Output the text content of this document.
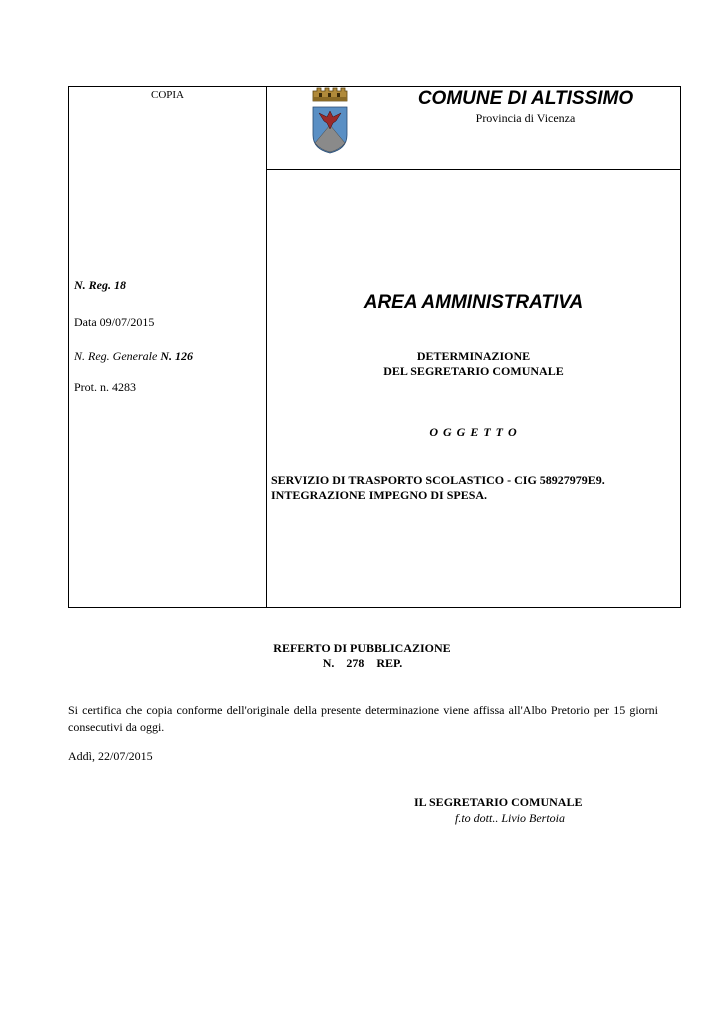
COPIA	COMUNE DI ALTISSIMO
Provincia di Vicenza
N. Reg. 18
Data 09/07/2015
N. Reg. Generale N. 126
Prot. n. 4283
AREA AMMINISTRATIVA
DETERMINAZIONE
DEL SEGRETARIO COMUNALE
O G G E T T O
SERVIZIO DI TRASPORTO SCOLASTICO - CIG 58927979E9.
INTEGRAZIONE IMPEGNO DI SPESA.
REFERTO DI PUBBLICAZIONE
N.    278    REP.
Si certifica che copia conforme dell'originale della presente determinazione viene affissa all'Albo Pretorio per 15 giorni consecutivi da oggi.
Addì, 22/07/2015
IL SEGRETARIO COMUNALE
f.to dott.. Livio Bertoia
